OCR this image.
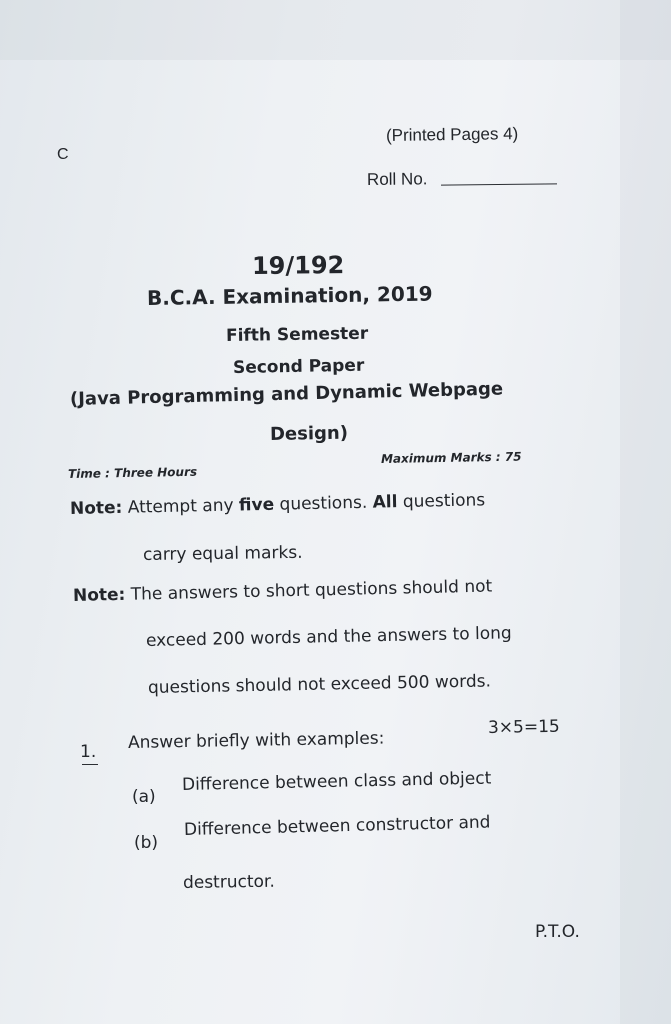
C
(Printed Pages 4)
Roll No.
19/192
B.C.A. Examination, 2019
Fifth Semester
Second Paper
(Java Programming and Dynamic Webpage
Design)
Time : Three Hours
Maximum Marks : 75
Note: Attempt any five questions. All questions
carry equal marks.
Note: The answers to short questions should not
exceed 200 words and the answers to long
questions should not exceed 500 words.
1. Answer briefly with examples:
3×5=15
(a)
Difference between class and object
(b)
Difference between constructor and
destructor.
P.T.O.
